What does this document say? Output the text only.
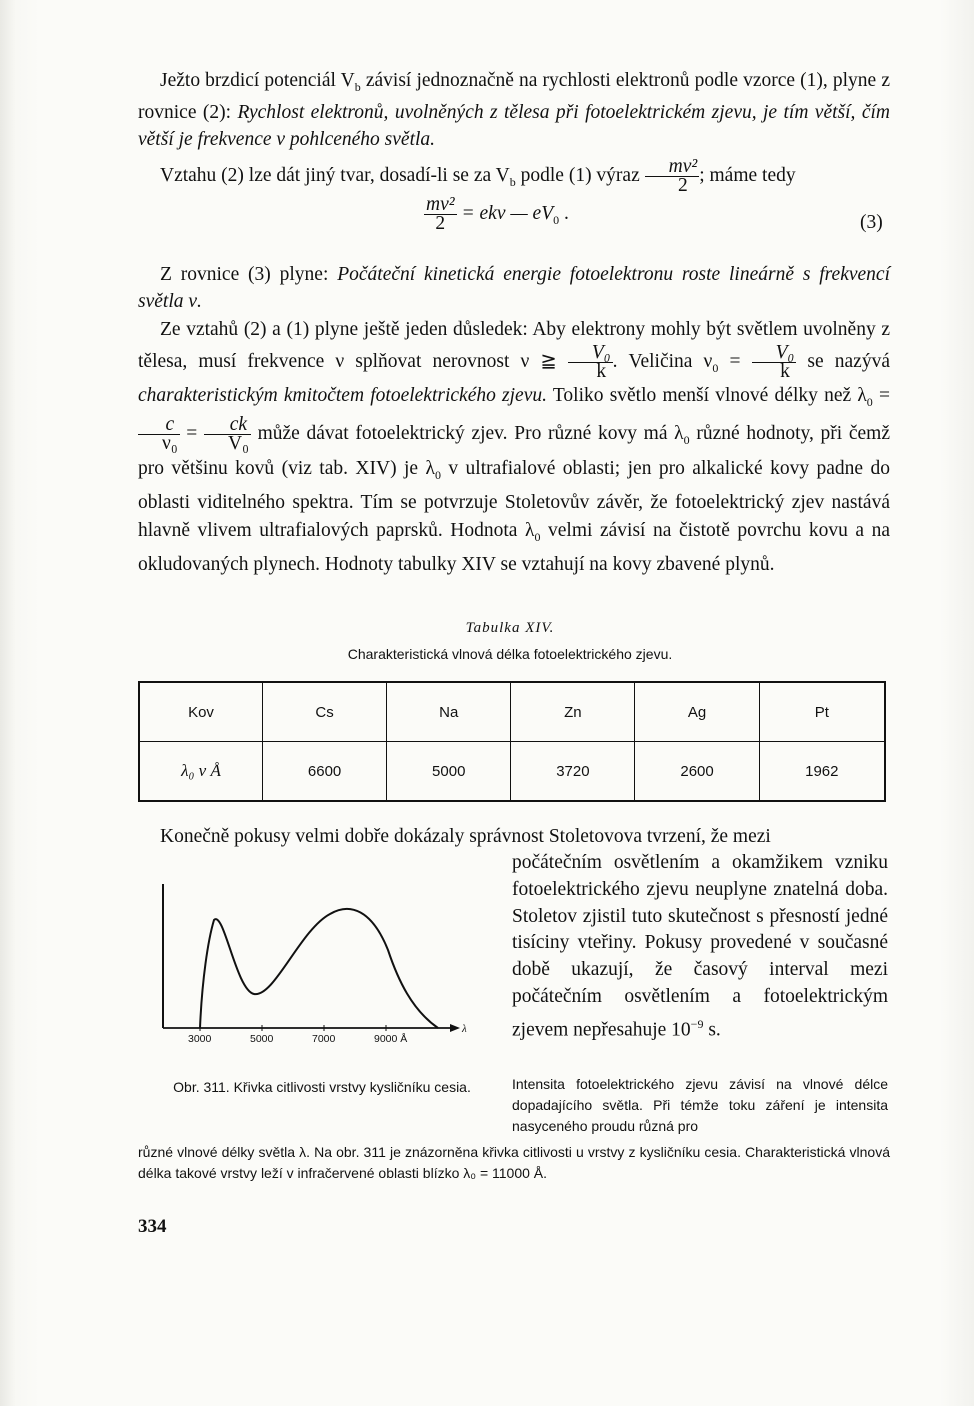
Ježto brzdicí potenciál $V_b$ závisí jednoznačně na rychlosti elektronů podle vzorce (1), plyne z rovnice (2): Rychlost elektronů, uvolněných z tělesa při fotoelektrickém zjevu, je tím větší, čím větší je frekvence ν pohlceného světla.

Vztahu (2) lze dát jiný tvar, dosadí-li se za $V_b$ podle (1) výraz $\frac{\text{mv²}}{2}$ ; máme tedy

$\frac{\text{mv²}}{2} = ek\nu$ — $eV_0$ .	(3)

Z rovnice (3) plyne: Počáteční kinetická energie fotoelektronu roste lineárně s frekvencí světla ν.

Ze vztahů (2) a (1) plyne ještě jeden důsledek: Aby elektrony mohly být světlem uvolněny z tělesa, musí frekvence ν splňovat nerovnost ν ≧ $\frac{\text{V₀}}{k}$ . Veličina $\nu_0 = \frac{\text{V₀}}{k}$ se nazývá charakteristickým kmitočtem fotoelektrického zjevu. Toliko světlo menší vlnové délky než $\lambda_0$ =
$\frac{c}{\text{ν₀}} = \frac{ck}{\text{V₀}}$ může dávat fotoelektrický zjev. Pro různé kovy má $\lambda_0$ různé hodnoty, při čemž pro většinu kovů (viz tab. XIV) je $\lambda_0$ v ultrafialové oblasti; jen pro alkalické kovy padne do oblasti viditelného spektra. Tím se potvrzuje Stoletovův závěr, že fotoelektrický zjev nastává hlavně vlivem ultrafialových paprsků. Hodnota $\lambda_0$ velmi závisí na čistotě povrchu kovu a na okludovaných plynech. Hodnoty tabulky XIV se vztahují na kovy zbavené plynů.

Tabulka XIV.
Charakteristická vlnová délka fotoelektrického zjevu.
Kov	Cs	Na	Zn	Ag	Pt
λ₀ v Å	6600	5000	3720	2600	1962

Konečně pokusy velmi dobře dokázaly správnost Stoletovova tvrzení, že mezi

počátečním osvětlením a okamžikem vzniku fotoelektrického zjevu neuplyne znatelná doba. Stoletov zjistil tuto skutečnost s přesností jedné tisíciny vteřiny. Pokusy provedené v současné době ukazují, že časový interval mezi počátečním osvětlením a fotoelektrickým zjevem nepřesahuje $10^{-9}$ s.

3000	5000	7000	9000 Å
λ
Obr. 311. Křivka citlivosti vrstvy kysličníku cesia.	Intensita fotoelektrického zjevu závisí na vlnové délce dopadajícího světla. Při témže toku záření je intensita nasyceného proudu různá pro
různé vlnové délky světla λ. Na obr. 311 je znázorněna křivka citlivosti u vrstvy z kysličníku cesia. Charakteristická vlnová délka takové vrstvy leží v infračervené oblasti blízko λ₀ = 11000 Å.
334
